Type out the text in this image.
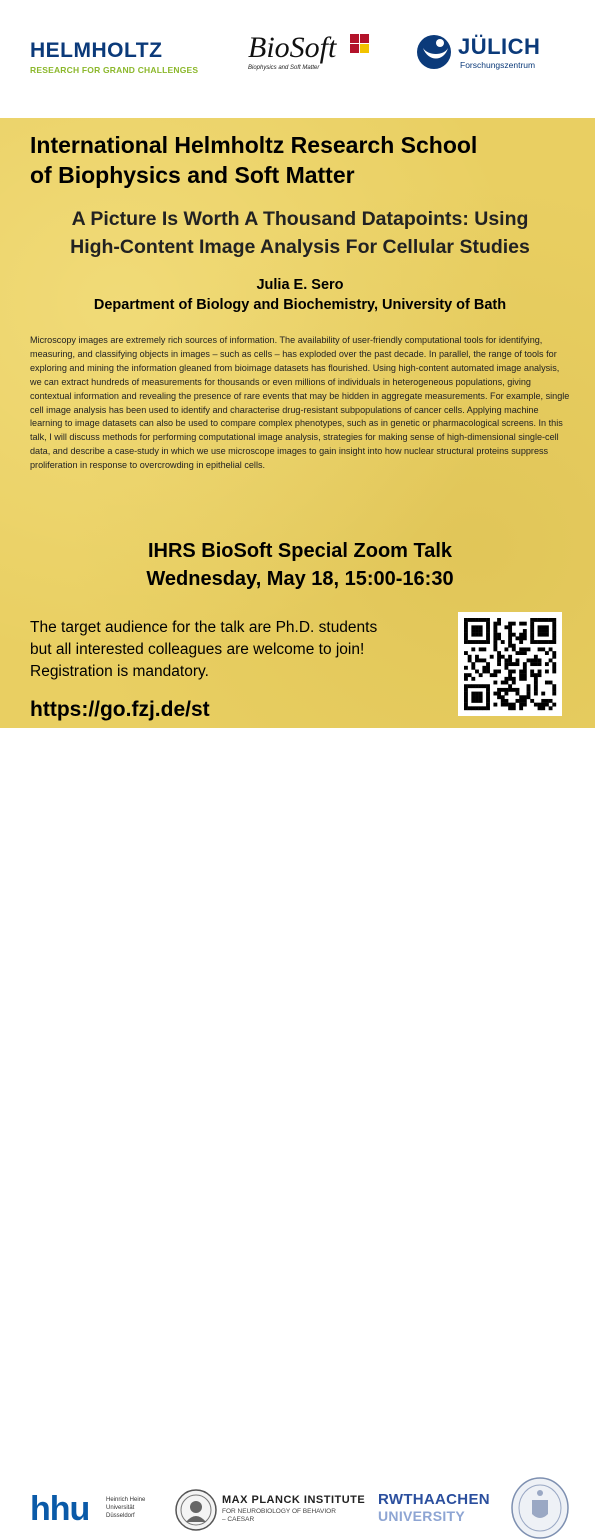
HELMHOLTZ
RESEARCH FOR GRAND CHALLENGES
BioSoft
Biophysics and Soft Matter
JÜLICH
Forschungszentrum
International Helmholtz Research School
of Biophysics and Soft Matter
A Picture Is Worth A Thousand Datapoints: Using
High-Content Image Analysis For Cellular Studies
Julia E. Sero
Department of Biology and Biochemistry, University of Bath
Microscopy images are extremely rich sources of information. The availability of user-friendly computational tools for identifying, measuring, and classifying objects in images – such as cells – has exploded over the past decade. In parallel, the range of tools for exploring and mining the information gleaned from bioimage datasets has flourished. Using high-content automated image analysis, we can extract hundreds of measurements for thousands or even millions of individuals in heterogeneous populations, giving contextual information and revealing the presence of rare events that may be hidden in aggregate measurements. For example, single cell image analysis has been used to identify and characterise drug-resistant subpopulations of cancer cells. Applying machine learning to image datasets can also be used to compare complex phenotypes, such as in genetic or pharmacological screens. In this talk, I will discuss methods for performing computational image analysis, strategies for making sense of high-dimensional single-cell data, and describe a case-study in which we use microscope images to gain insight into how nuclear structural proteins suppress proliferation in response to overcrowding in epithelial cells.
IHRS BioSoft Special Zoom Talk
Wednesday, May 18, 15:00-16:30
The target audience for the talk are Ph.D. students
but all interested colleagues are welcome to join!
Registration is mandatory.
https://go.fzj.de/st
hhu	Heinrich Heine
Universität
Düsseldorf
MAX PLANCK INSTITUTE
FOR NEUROBIOLOGY OF BEHAVIOR
– CAESAR
RWTHAACHEN
UNIVERSITY
